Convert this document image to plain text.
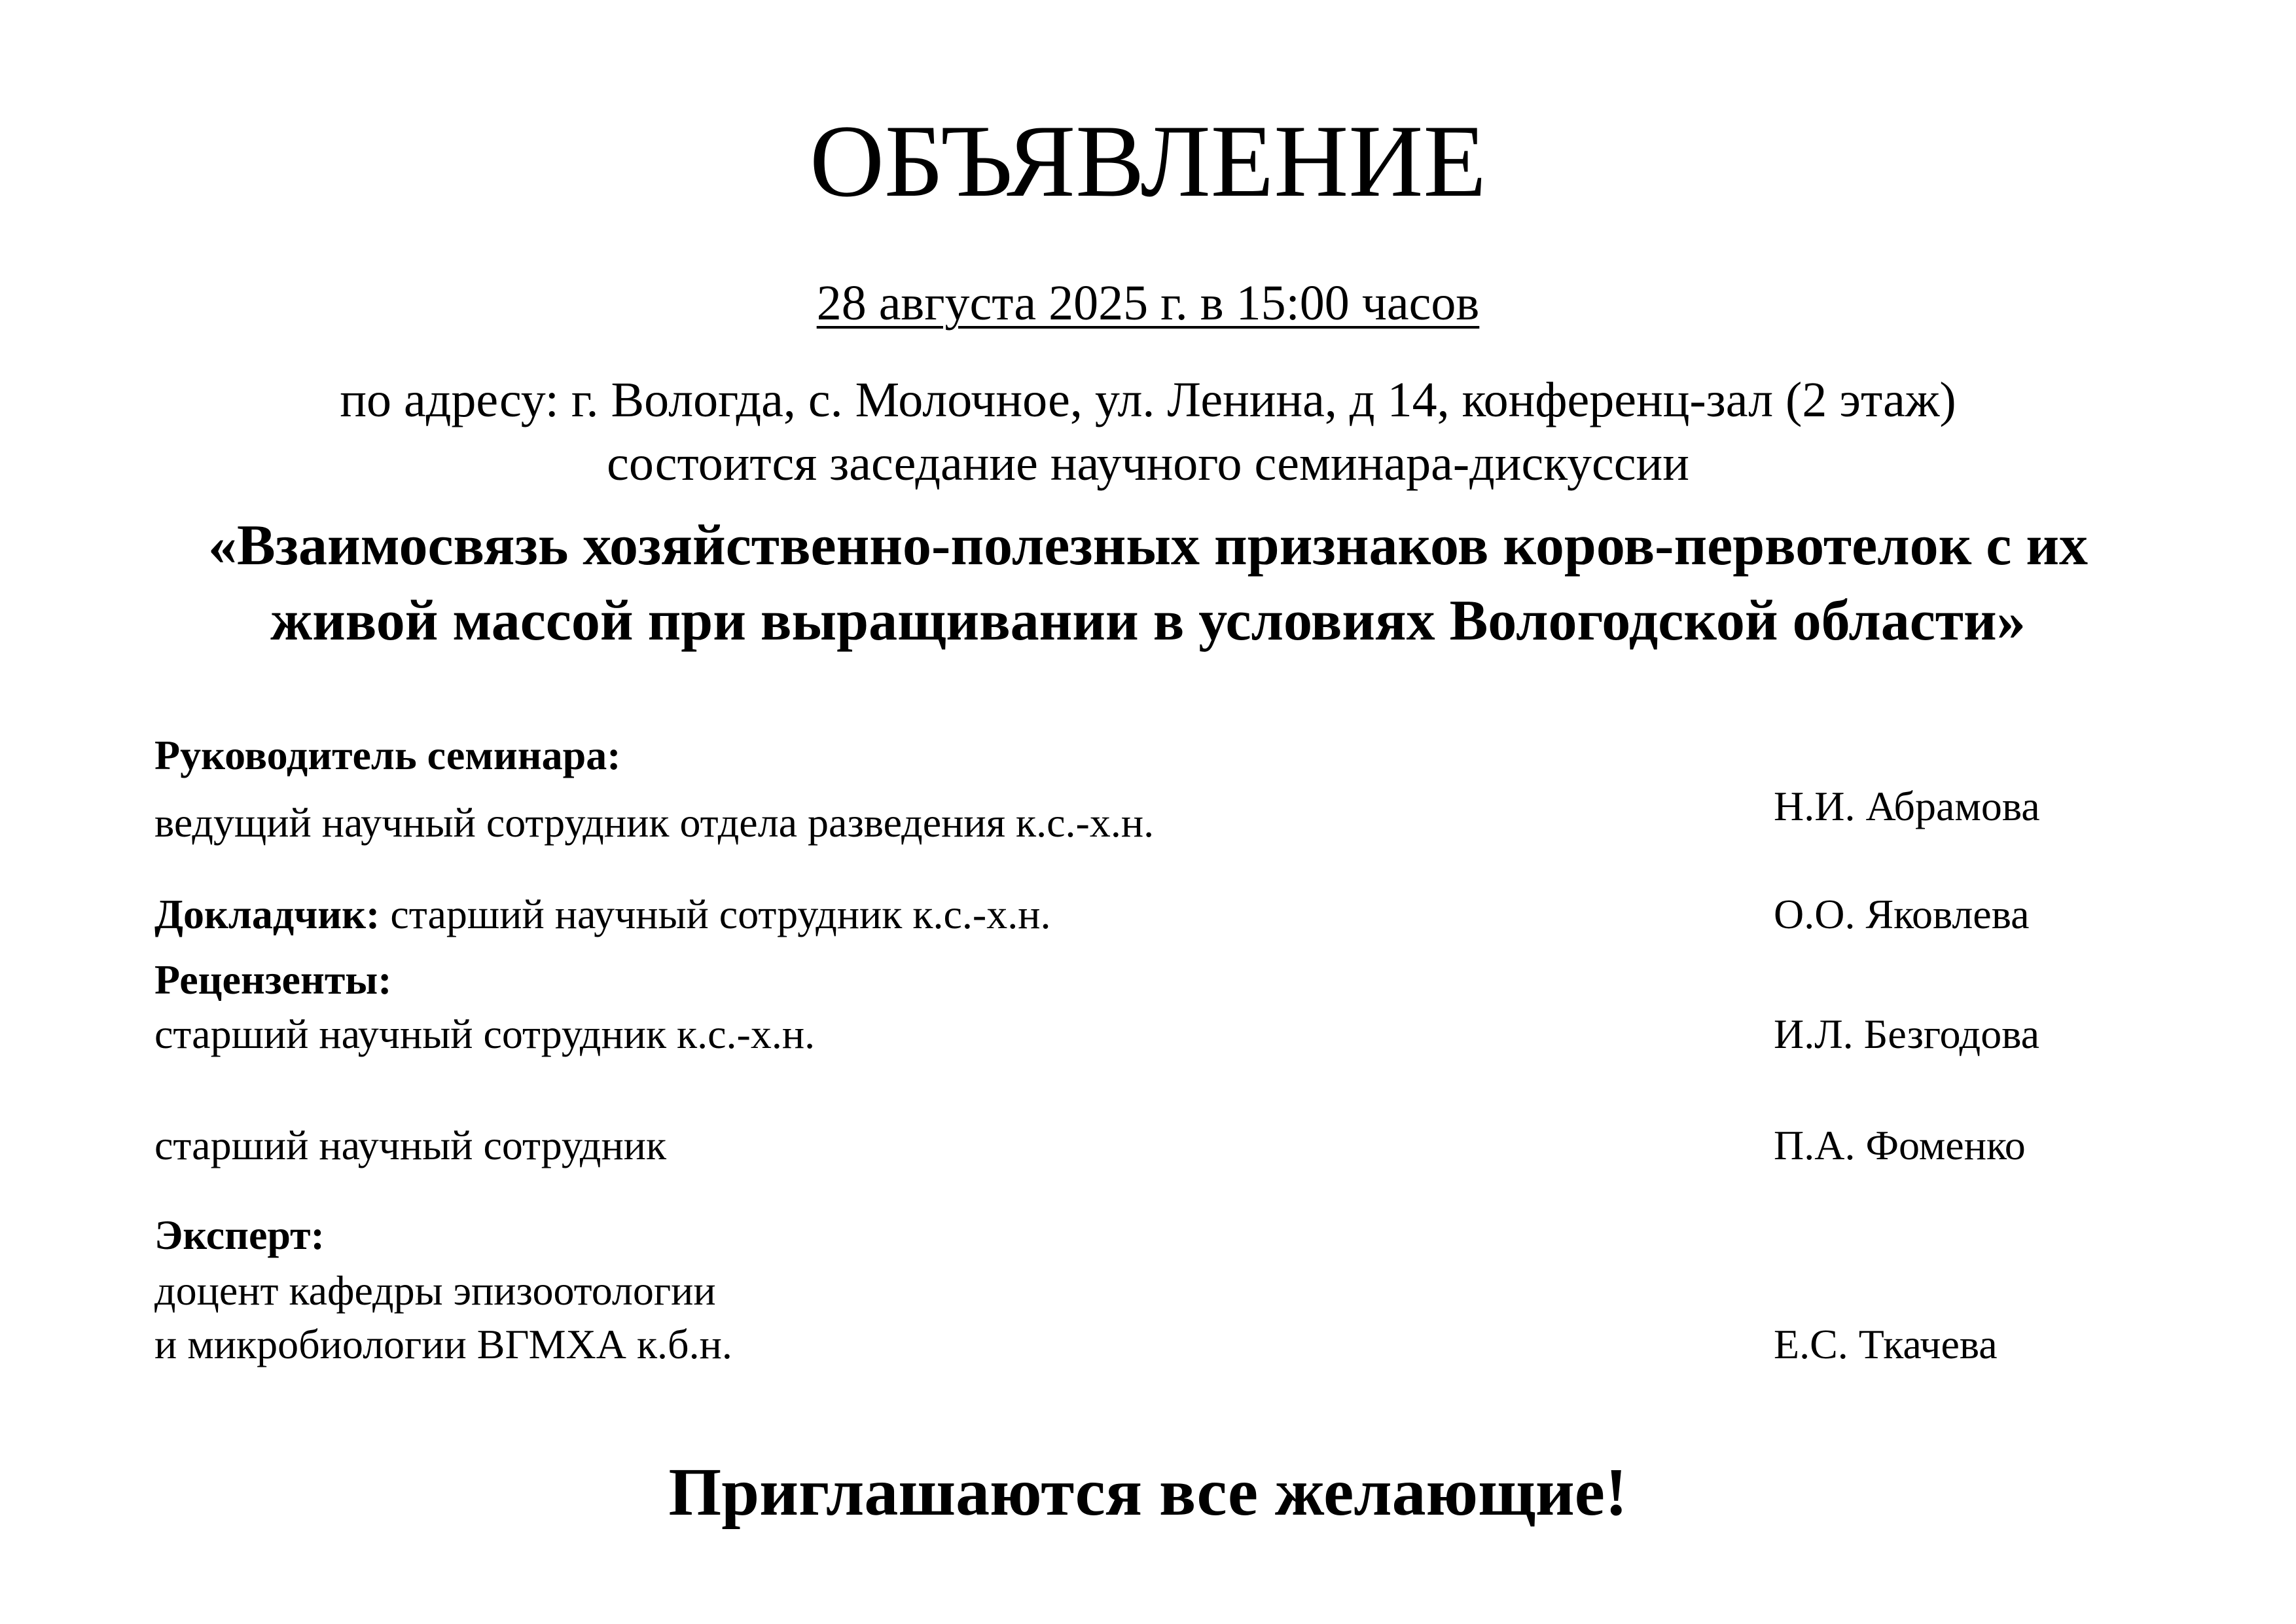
ОБЪЯВЛЕНИЕ
28 августа 2025 г. в 15:00 часов
по адресу: г. Вологда, с. Молочное, ул. Ленина, д 14, конференц-зал (2 этаж)
состоится заседание научного семинара-дискуссии
«Взаимосвязь хозяйственно-полезных признаков коров-первотелок с их
живой массой при выращивании в условиях Вологодской области»
Руководитель семинара:
ведущий научный сотрудник отдела разведения к.с.-х.н.	Н.И. Абрамова
Докладчик: старший научный сотрудник к.с.-х.н.	О.О. Яковлева
Рецензенты:
старший научный сотрудник к.с.-х.н.	И.Л. Безгодова
старший научный сотрудник	П.А. Фоменко
Эксперт:
доцент кафедры эпизоотологии
и микробиологии ВГМХА к.б.н.	Е.С. Ткачева
Приглашаются все желающие!
